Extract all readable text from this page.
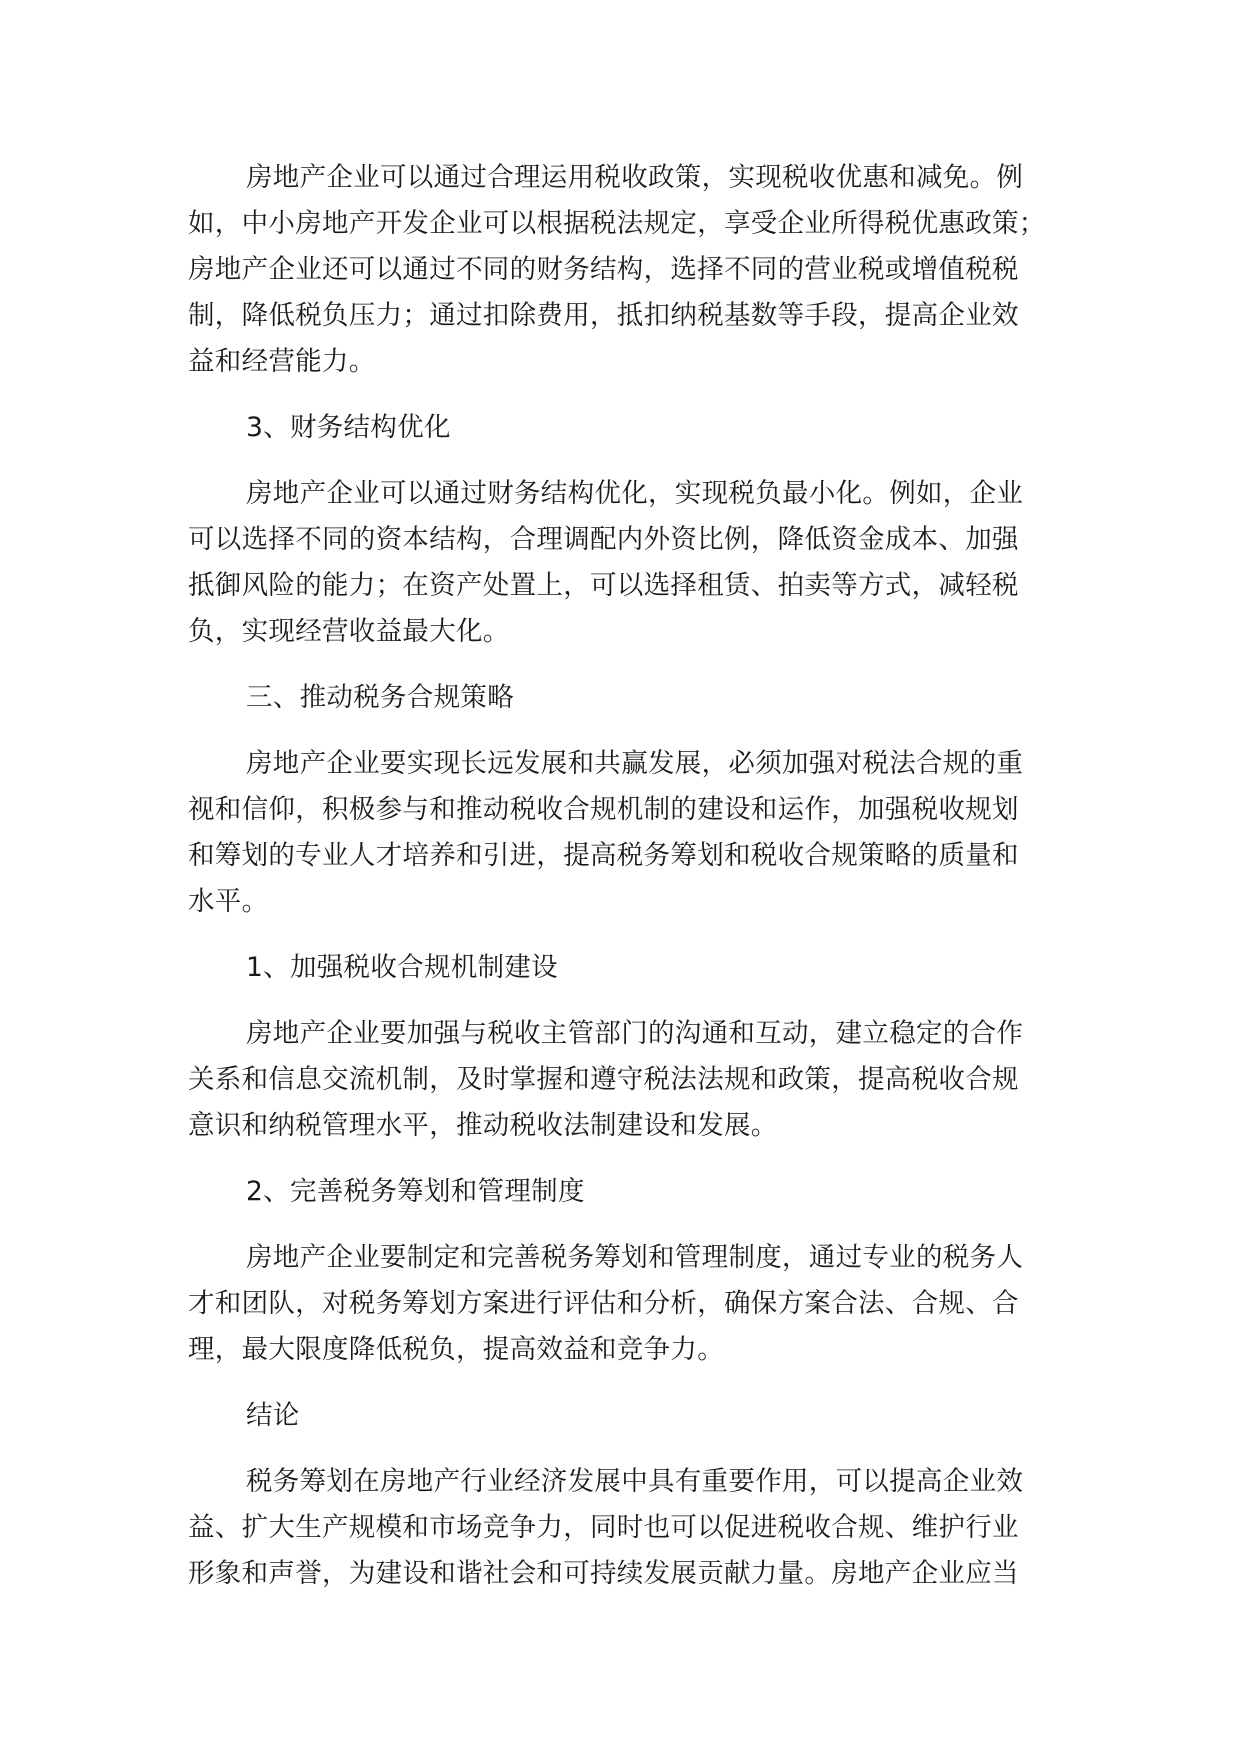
房地产企业可以通过合理运用税收政策，实现税收优惠和减免。例
如，中小房地产开发企业可以根据税法规定，享受企业所得税优惠政策；
房地产企业还可以通过不同的财务结构，选择不同的营业税或增值税税
制，降低税负压力；通过扣除费用，抵扣纳税基数等手段，提高企业效
益和经营能力。
3、财务结构优化
房地产企业可以通过财务结构优化，实现税负最小化。例如，企业
可以选择不同的资本结构，合理调配内外资比例，降低资金成本、加强
抵御风险的能力；在资产处置上，可以选择租赁、拍卖等方式，减轻税
负，实现经营收益最大化。
三、推动税务合规策略
房地产企业要实现长远发展和共赢发展，必须加强对税法合规的重
视和信仰，积极参与和推动税收合规机制的建设和运作，加强税收规划
和筹划的专业人才培养和引进，提高税务筹划和税收合规策略的质量和
水平。
1、加强税收合规机制建设
房地产企业要加强与税收主管部门的沟通和互动，建立稳定的合作
关系和信息交流机制，及时掌握和遵守税法法规和政策，提高税收合规
意识和纳税管理水平，推动税收法制建设和发展。
2、完善税务筹划和管理制度
房地产企业要制定和完善税务筹划和管理制度，通过专业的税务人
才和团队，对税务筹划方案进行评估和分析，确保方案合法、合规、合
理，最大限度降低税负，提高效益和竞争力。
结论
税务筹划在房地产行业经济发展中具有重要作用，可以提高企业效
益、扩大生产规模和市场竞争力，同时也可以促进税收合规、维护行业
形象和声誉，为建设和谐社会和可持续发展贡献力量。房地产企业应当
